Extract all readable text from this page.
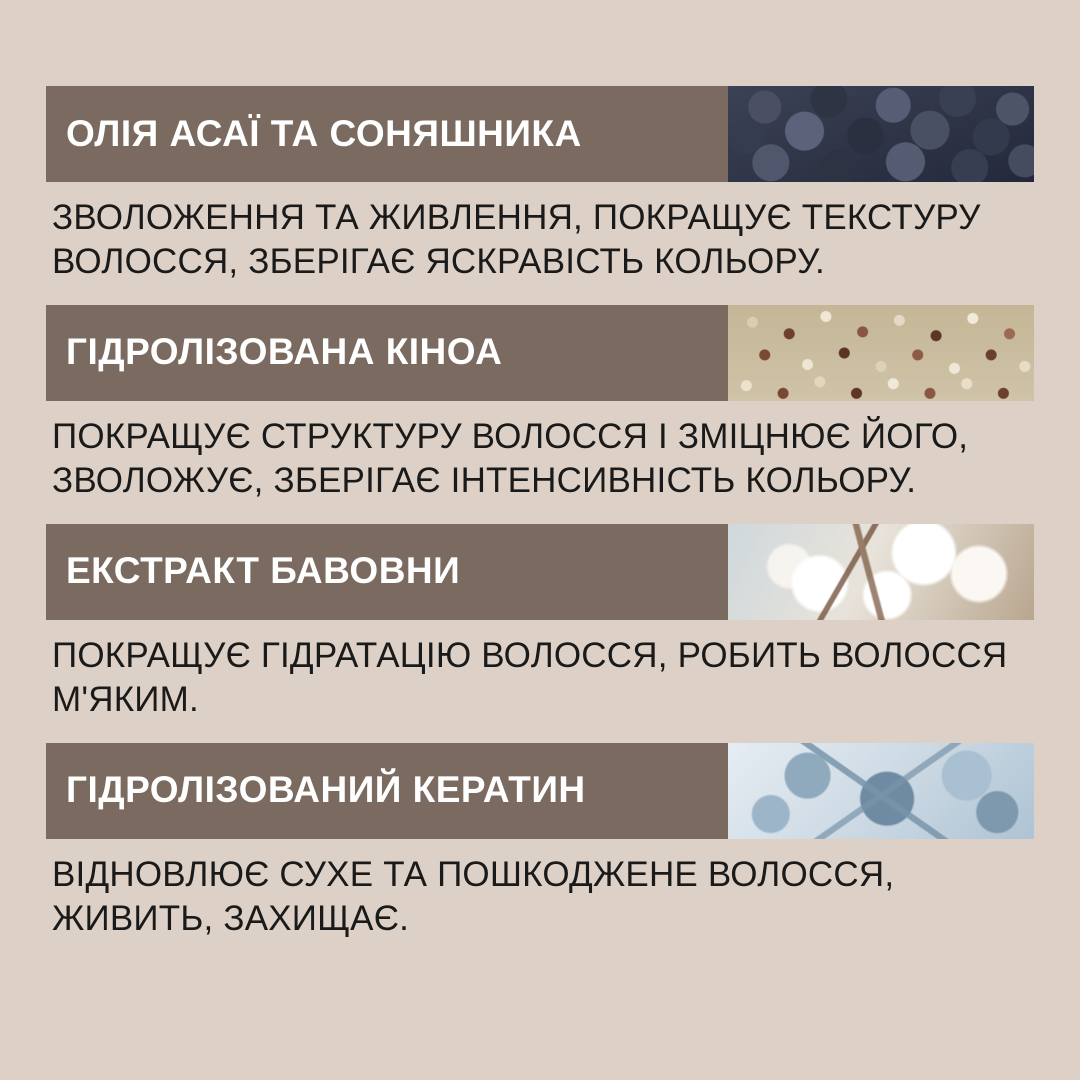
ОЛІЯ АСАЇ ТА СОНЯШНИКА
ЗВОЛОЖЕННЯ ТА ЖИВЛЕННЯ, ПОКРАЩУЄ ТЕКСТУРУ ВОЛОССЯ, ЗБЕРІГАЄ ЯСКРАВІСТЬ КОЛЬОРУ.
ГІДРОЛІЗОВАНА КІНОА
ПОКРАЩУЄ СТРУКТУРУ ВОЛОССЯ І ЗМІЦНЮЄ ЙОГО, ЗВОЛОЖУЄ, ЗБЕРІГАЄ ІНТЕНСИВНІСТЬ КОЛЬОРУ.
ЕКСТРАКТ БАВОВНИ
ПОКРАЩУЄ ГІДРАТАЦІЮ ВОЛОССЯ, РОБИТЬ ВОЛОССЯ М'ЯКИМ.
ГІДРОЛІЗОВАНИЙ КЕРАТИН
ВІДНОВЛЮЄ СУХЕ ТА ПОШКОДЖЕНЕ ВОЛОССЯ, ЖИВИТЬ, ЗАХИЩАЄ.
